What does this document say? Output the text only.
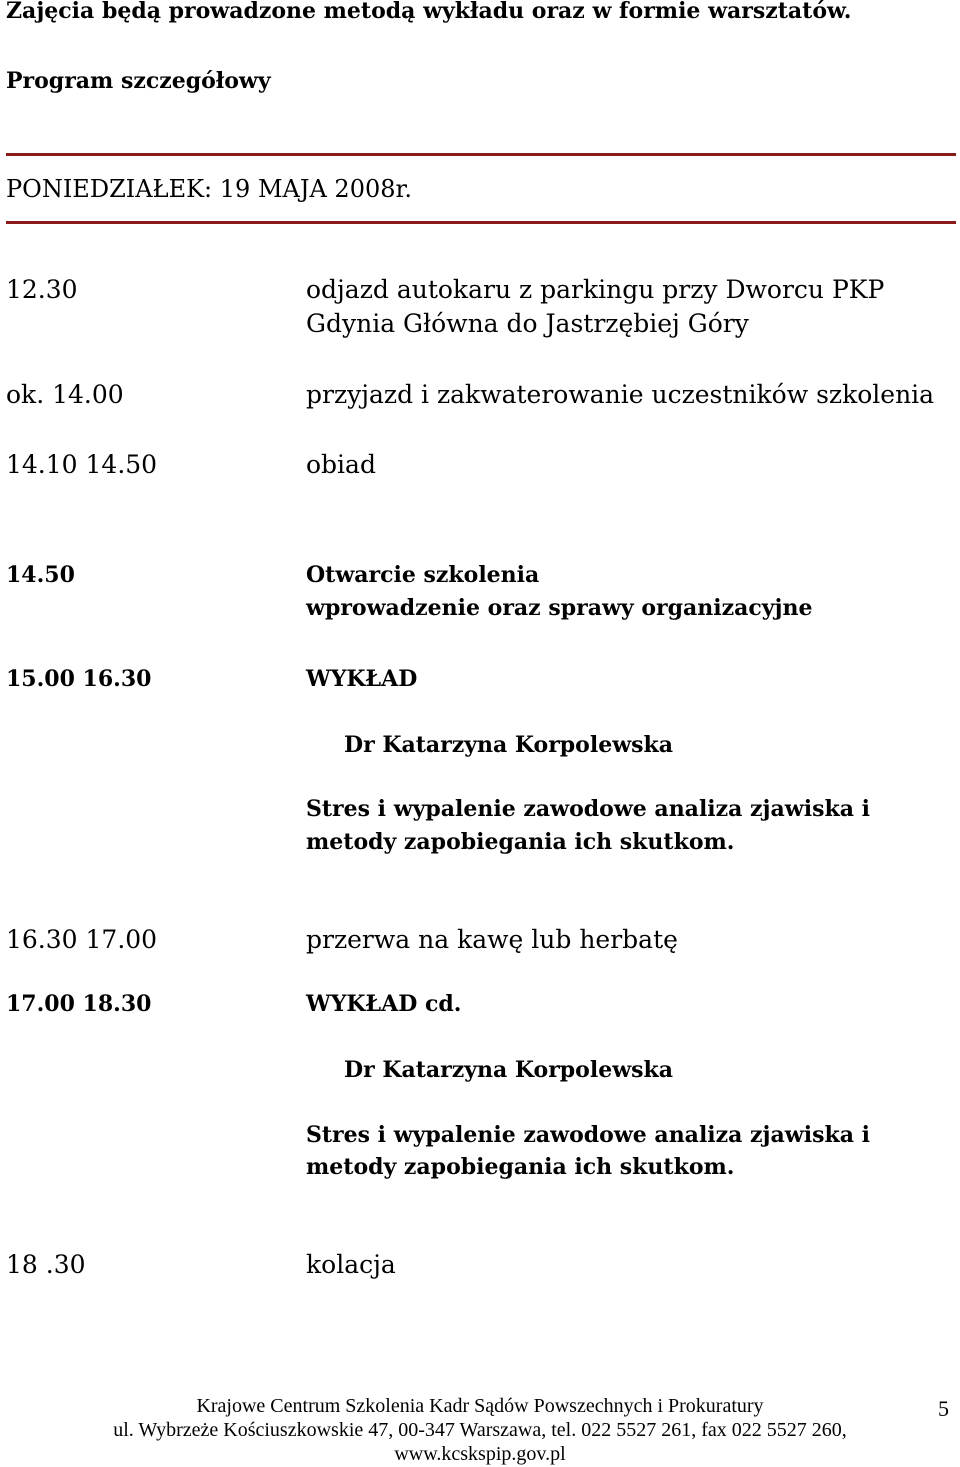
Zajęcia będą prowadzone metodą wykładu oraz w formie warsztatów.
Program szczegółowy
PONIEDZIAŁEK: 19 MAJA 2008r.
12.30	odjazd autokaru z parkingu przy Dworcu PKP
Gdynia Główna do Jastrzębiej Góry
ok. 14.00	przyjazd i zakwaterowanie uczestników szkolenia
14.10 14.50	obiad
14.50	Otwarcie szkolenia
wprowadzenie oraz sprawy organizacyjne
15.00 16.30	WYKŁAD
Dr Katarzyna Korpolewska
Stres i wypalenie zawodowe analiza zjawiska i
metody zapobiegania ich skutkom.
16.30 17.00	przerwa na kawę lub herbatę
17.00 18.30	WYKŁAD cd.
Dr Katarzyna Korpolewska
Stres i wypalenie zawodowe analiza zjawiska i
metody zapobiegania ich skutkom.
18 .30	kolacja
Krajowe Centrum Szkolenia Kadr Sądów Powszechnych i Prokuratury
ul. Wybrzeże Kościuszkowskie 47, 00-347 Warszawa, tel. 022 5527 261, fax 022 5527 260,
www.kcskspip.gov.pl
5
